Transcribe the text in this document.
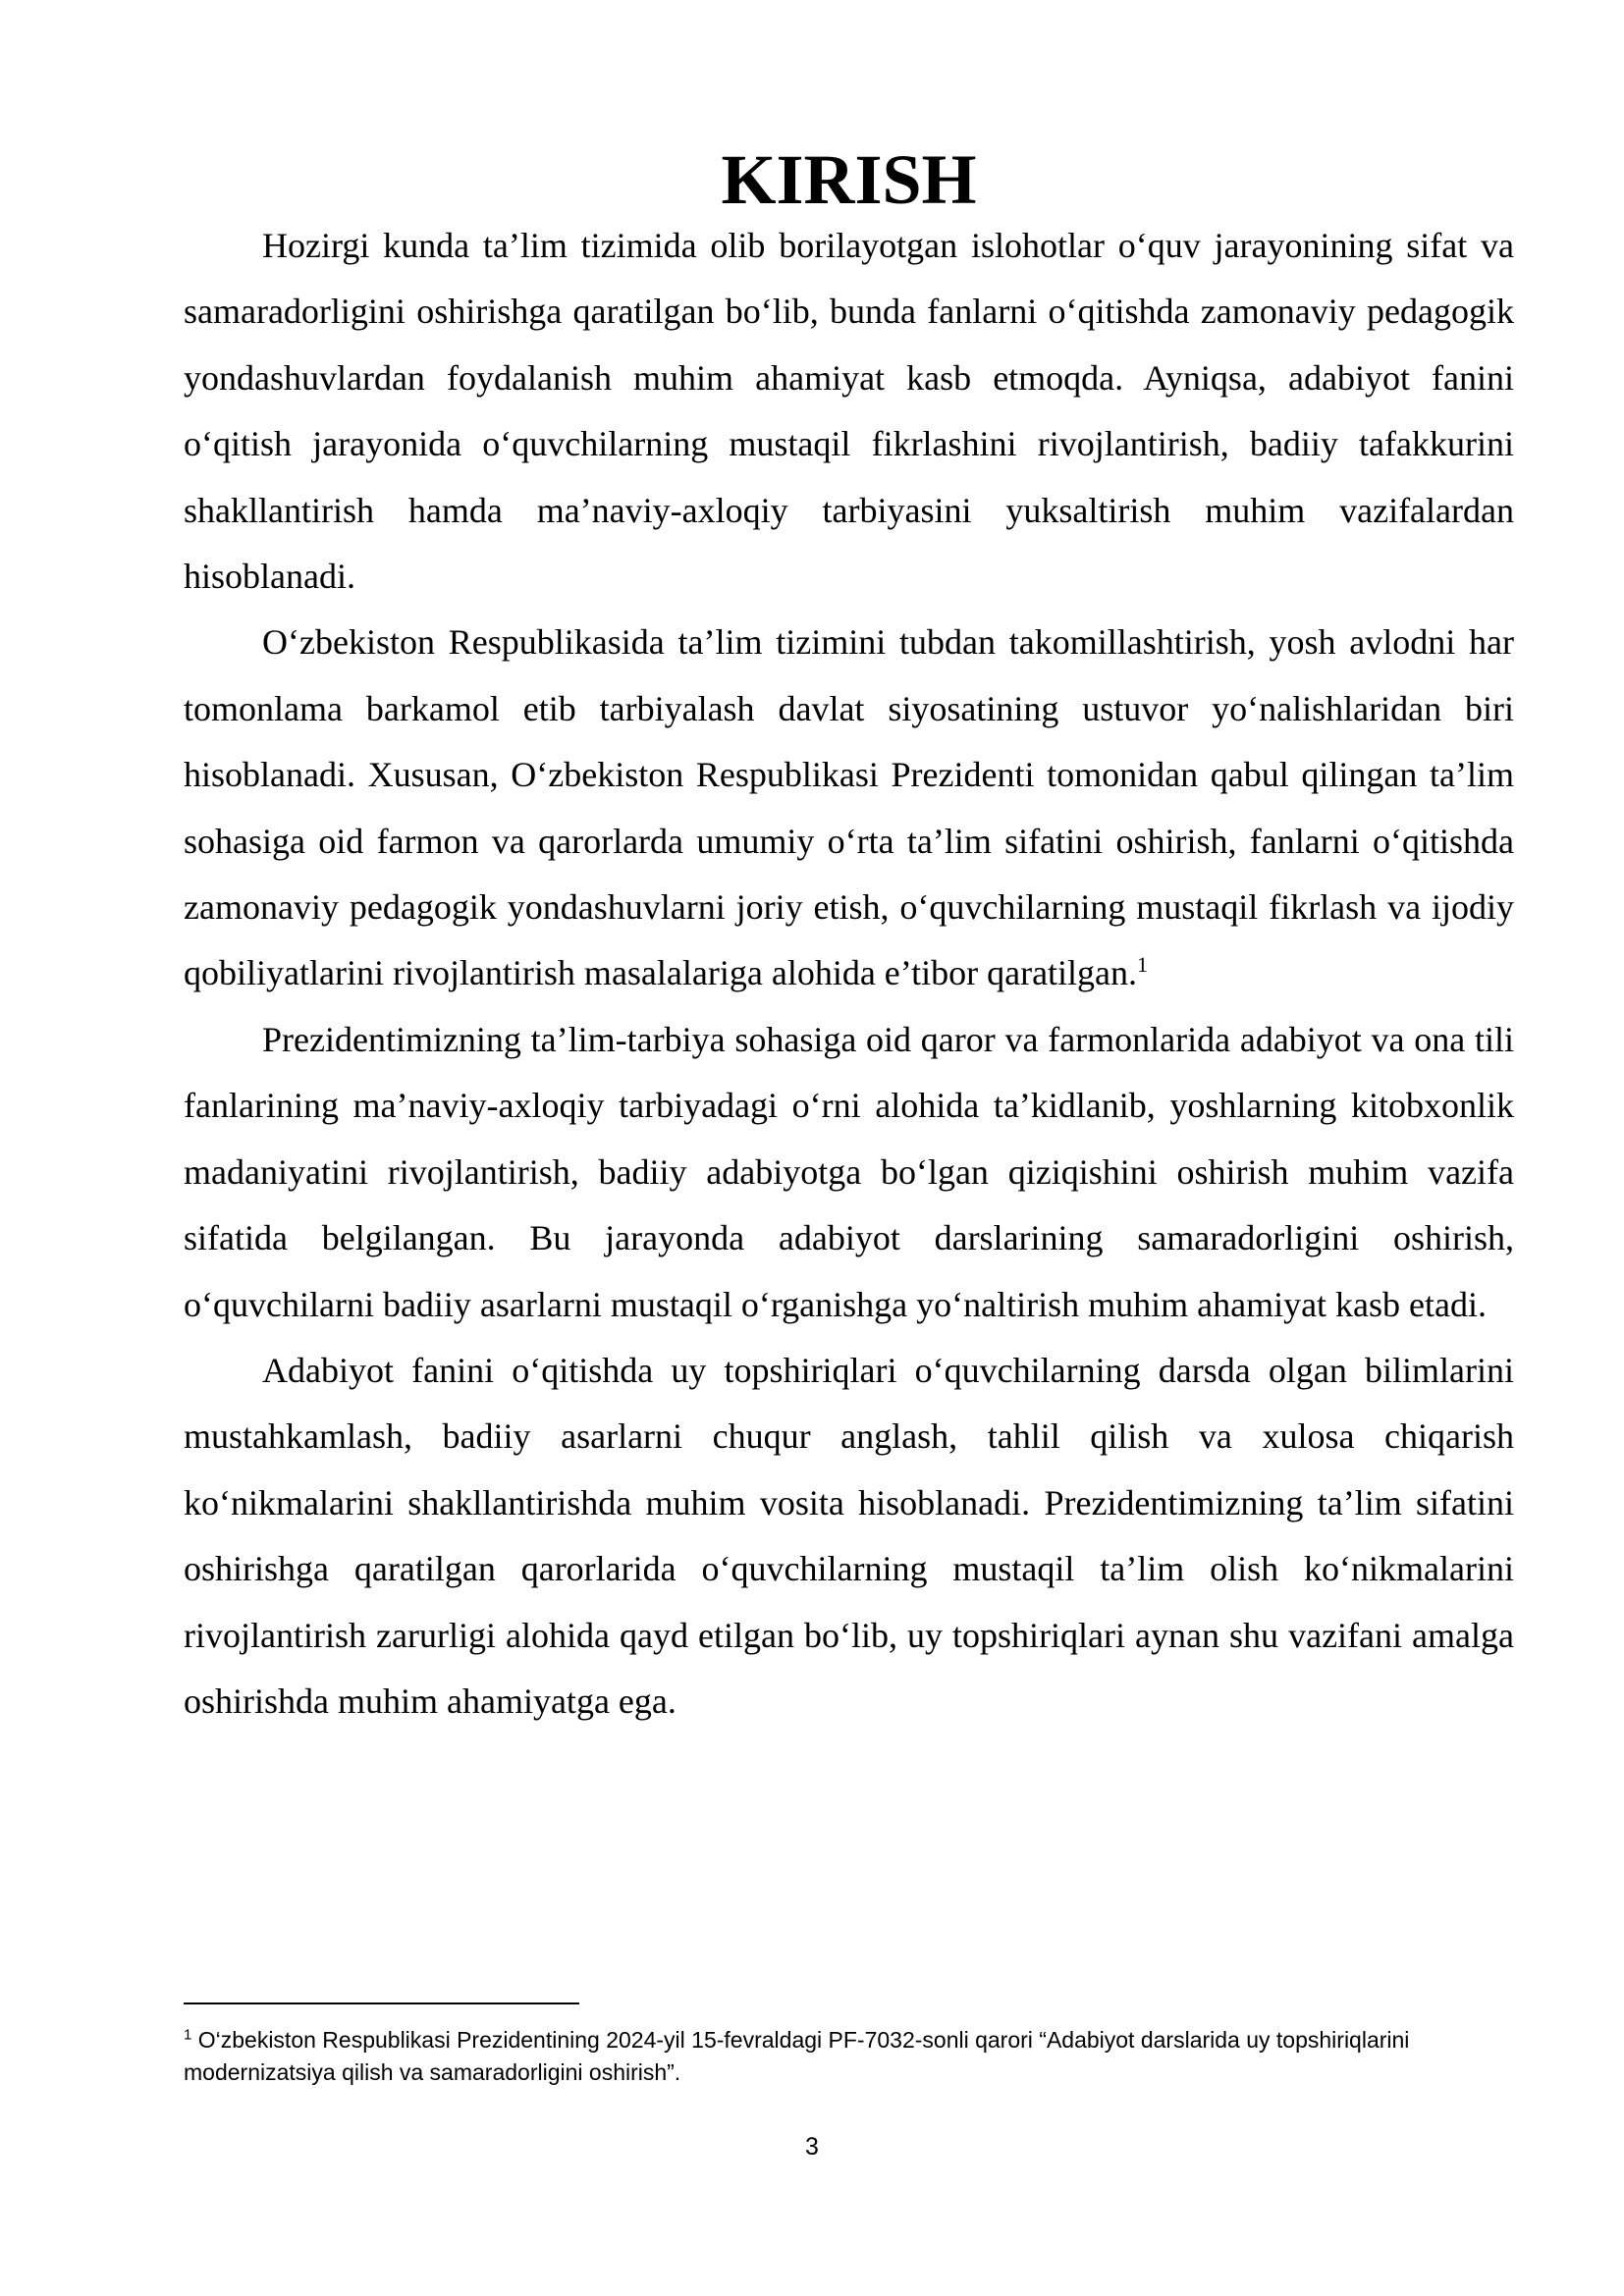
KIRISH

Hozirgi kunda ta’lim tizimida olib borilayotgan islohotlar o‘quv jarayonining sifat va samaradorligini oshirishga qaratilgan bo‘lib, bunda fanlarni o‘qitishda zamonaviy pedagogik yondashuvlardan foydalanish muhim ahamiyat kasb etmoqda. Ayniqsa, adabiyot fanini o‘qitish jarayonida o‘quvchilarning mustaqil fikrlashini rivojlantirish, badiiy tafakkurini shakllantirish hamda ma’naviy-axloqiy tarbiyasini yuksaltirish muhim vazifalardan hisoblanadi.

O‘zbekiston Respublikasida ta’lim tizimini tubdan takomillashtirish, yosh avlodni har tomonlama barkamol etib tarbiyalash davlat siyosatining ustuvor yo‘nalishlaridan biri hisoblanadi. Xususan, O‘zbekiston Respublikasi Prezidenti tomonidan qabul qilingan ta’lim sohasiga oid farmon va qarorlarda umumiy o‘rta ta’lim sifatini oshirish, fanlarni o‘qitishda zamonaviy pedagogik yondashuvlarni joriy etish, o‘quvchilarning mustaqil fikrlash va ijodiy qobiliyatlarini rivojlantirish masalalariga alohida e’tibor qaratilgan.$^1$

Prezidentimizning ta’lim-tarbiya sohasiga oid qaror va farmonlarida adabiyot va ona tili fanlarining ma’naviy-axloqiy tarbiyadagi o‘rni alohida ta’kidlanib, yoshlarning kitobxonlik madaniyatini rivojlantirish, badiiy adabiyotga bo‘lgan qiziqishini oshirish muhim vazifa sifatida belgilangan. Bu jarayonda adabiyot darslarining samaradorligini oshirish, o‘quvchilarni badiiy asarlarni mustaqil o‘rganishga yo‘naltirish muhim ahamiyat kasb etadi.

Adabiyot fanini o‘qitishda uy topshiriqlari o‘quvchilarning darsda olgan bilimlarini mustahkamlash, badiiy asarlarni chuqur anglash, tahlil qilish va xulosa chiqarish ko‘nikmalarini shakllantirishda muhim vosita hisoblanadi. Prezidentimizning ta’lim sifatini oshirishga qaratilgan qarorlarida o‘quvchilarning mustaqil ta’lim olish ko‘nikmalarini rivojlantirish zarurligi alohida qayd etilgan bo‘lib, uy topshiriqlari aynan shu vazifani amalga oshirishda muhim ahamiyatga ega.

$^1$ O‘zbekiston Respublikasi Prezidentining 2024-yil 15-fevraldagi PF-7032-sonli qarori “Adabiyot darslarida uy topshiriqlarini modernizatsiya qilish va samaradorligini oshirish”.

3
